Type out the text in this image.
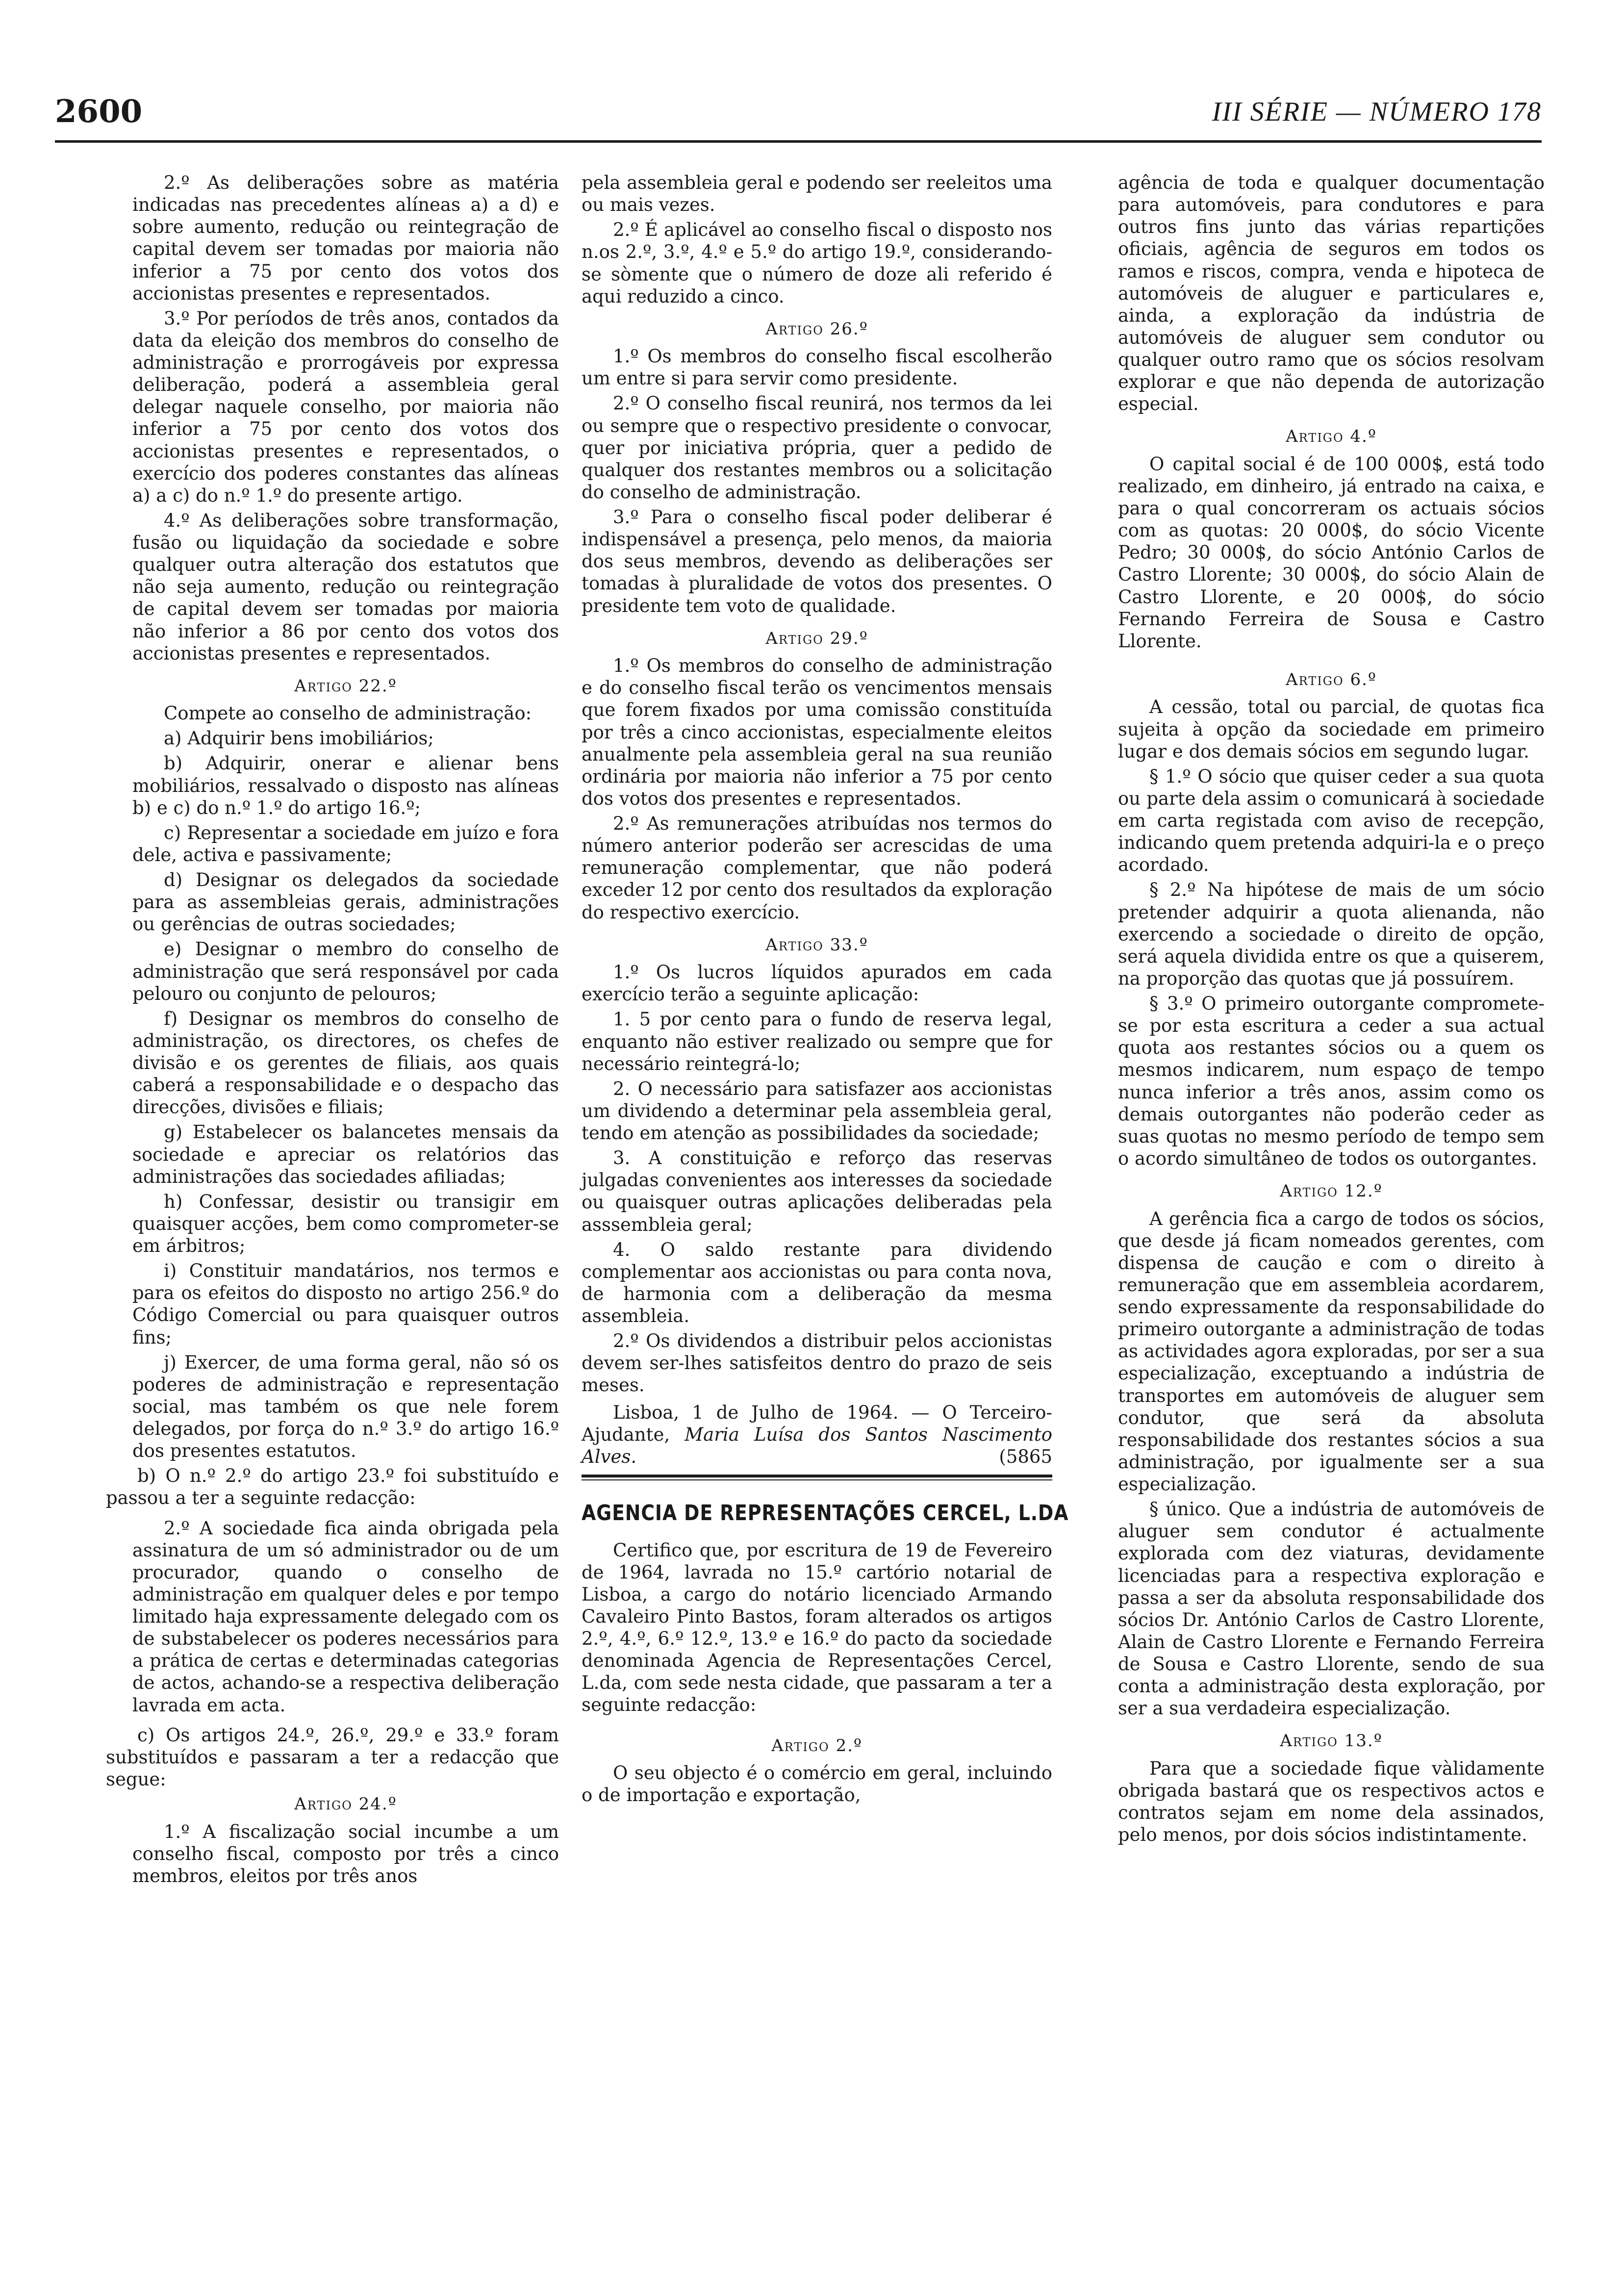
2600	III SÉRIE — NÚMERO 178

2.º As deliberações sobre as matéria indicadas nas precedentes alíneas a) a d) e sobre aumento, redução ou reintegração de capital devem ser tomadas por maioria não inferior a 75 por cento dos votos dos accionistas presentes e representados.

3.º Por períodos de três anos, contados da data da eleição dos membros do conselho de administração e prorrogáveis por expressa deliberação, poderá a assembleia geral delegar naquele conselho, por maioria não inferior a 75 por cento dos votos dos accionistas presentes e representados, o exercício dos poderes constantes das alíneas a) a c) do n.º 1.º do presente artigo.

4.º As deliberações sobre transformação, fusão ou liquidação da sociedade e sobre qualquer outra alteração dos estatutos que não seja aumento, redução ou reintegração de capital devem ser tomadas por maioria não inferior a 86 por cento dos votos dos accionistas presentes e representados.

Artigo 22.º

Compete ao conselho de administração:

a) Adquirir bens imobiliários;

b) Adquirir, onerar e alienar bens mobiliários, ressalvado o disposto nas alíneas b) e c) do n.º 1.º do artigo 16.º;

c) Representar a sociedade em juízo e fora dele, activa e passivamente;

d) Designar os delegados da sociedade para as assembleias gerais, administrações ou gerências de outras sociedades;

e) Designar o membro do conselho de administração que será responsável por cada pelouro ou conjunto de pelouros;

f) Designar os membros do conselho de administração, os directores, os chefes de divisão e os gerentes de filiais, aos quais caberá a responsabilidade e o despacho das direcções, divisões e filiais;

g) Estabelecer os balancetes mensais da sociedade e apreciar os relatórios das administrações das sociedades afiliadas;

h) Confessar, desistir ou transigir em quaisquer acções, bem como comprometer-se em árbitros;

i) Constituir mandatários, nos termos e para os efeitos do disposto no artigo 256.º do Código Comercial ou para quaisquer outros fins;

j) Exercer, de uma forma geral, não só os poderes de administração e representação social, mas também os que nele forem delegados, por força do n.º 3.º do artigo 16.º dos presentes estatutos.

b) O n.º 2.º do artigo 23.º foi substituído e passou a ter a seguinte redacção:

2.º A sociedade fica ainda obrigada pela assinatura de um só administrador ou de um procurador, quando o conselho de administração em qualquer deles e por tempo limitado haja expressamente delegado com os de substabelecer os poderes necessários para a prática de certas e determinadas categorias de actos, achando-se a respectiva deliberação lavrada em acta.

c) Os artigos 24.º, 26.º, 29.º e 33.º foram substituídos e passaram a ter a redacção que segue:

Artigo 24.º

1.º A fiscalização social incumbe a um conselho fiscal, composto por três a cinco membros, eleitos por três anos

pela assembleia geral e podendo ser reeleitos uma ou mais vezes.

2.º É aplicável ao conselho fiscal o disposto nos n.os 2.º, 3.º, 4.º e 5.º do artigo 19.º, considerando-se sòmente que o número de doze ali referido é aqui reduzido a cinco.

Artigo 26.º

1.º Os membros do conselho fiscal escolherão um entre si para servir como presidente.

2.º O conselho fiscal reunirá, nos termos da lei ou sempre que o respectivo presidente o convocar, quer por iniciativa própria, quer a pedido de qualquer dos restantes membros ou a solicitação do conselho de administração.

3.º Para o conselho fiscal poder deliberar é indispensável a presença, pelo menos, da maioria dos seus membros, devendo as deliberações ser tomadas à pluralidade de votos dos presentes. O presidente tem voto de qualidade.

Artigo 29.º

1.º Os membros do conselho de administração e do conselho fiscal terão os vencimentos mensais que forem fixados por uma comissão constituída por três a cinco accionistas, especialmente eleitos anualmente pela assembleia geral na sua reunião ordinária por maioria não inferior a 75 por cento dos votos dos presentes e representados.

2.º As remunerações atribuídas nos termos do número anterior poderão ser acrescidas de uma remuneração complementar, que não poderá exceder 12 por cento dos resultados da exploração do respectivo exercício.

Artigo 33.º

1.º Os lucros líquidos apurados em cada exercício terão a seguinte aplicação:

1. 5 por cento para o fundo de reserva legal, enquanto não estiver realizado ou sempre que for necessário reintegrá-lo;

2. O necessário para satisfazer aos accionistas um dividendo a determinar pela assembleia geral, tendo em atenção as possibilidades da sociedade;

3. A constituição e reforço das reservas julgadas convenientes aos interesses da sociedade ou quaisquer outras aplicações deliberadas pela asssembleia geral;

4. O saldo restante para dividendo complementar aos accionistas ou para conta nova, de harmonia com a deliberação da mesma assembleia.

2.º Os dividendos a distribuir pelos accionistas devem ser-lhes satisfeitos dentro do prazo de seis meses.

Lisboa, 1 de Julho de 1964. — O Terceiro-Ajudante, Maria Luísa dos Santos Nascimento Alves.	(5865

AGENCIA DE REPRESENTAÇÕES CERCEL, L.DA

Certifico que, por escritura de 19 de Fevereiro de 1964, lavrada no 15.º cartório notarial de Lisboa, a cargo do notário licenciado Armando Cavaleiro Pinto Bastos, foram alterados os artigos 2.º, 4.º, 6.º 12.º, 13.º e 16.º do pacto da sociedade denominada Agencia de Representações Cercel, L.da, com sede nesta cidade, que passaram a ter a seguinte redacção:

Artigo 2.º

O seu objecto é o comércio em geral, incluindo o de importação e exportação,

agência de toda e qualquer documentação para automóveis, para condutores e para outros fins junto das várias repartições oficiais, agência de seguros em todos os ramos e riscos, compra, venda e hipoteca de automóveis de aluguer e particulares e, ainda, a exploração da indústria de automóveis de aluguer sem condutor ou qualquer outro ramo que os sócios resolvam explorar e que não dependa de autorização especial.

Artigo 4.º

O capital social é de 100 000$, está todo realizado, em dinheiro, já entrado na caixa, e para o qual concorreram os actuais sócios com as quotas: 20 000$, do sócio Vicente Pedro; 30 000$, do sócio António Carlos de Castro Llorente; 30 000$, do sócio Alain de Castro Llorente, e 20 000$, do sócio Fernando Ferreira de Sousa e Castro Llorente.

Artigo 6.º

A cessão, total ou parcial, de quotas fica sujeita à opção da sociedade em primeiro lugar e dos demais sócios em segundo lugar.

§ 1.º O sócio que quiser ceder a sua quota ou parte dela assim o comunicará à sociedade em carta registada com aviso de recepção, indicando quem pretenda adquiri-la e o preço acordado.

§ 2.º Na hipótese de mais de um sócio pretender adquirir a quota alienanda, não exercendo a sociedade o direito de opção, será aquela dividida entre os que a quiserem, na proporção das quotas que já possuírem.

§ 3.º O primeiro outorgante compromete-se por esta escritura a ceder a sua actual quota aos restantes sócios ou a quem os mesmos indicarem, num espaço de tempo nunca inferior a três anos, assim como os demais outorgantes não poderão ceder as suas quotas no mesmo período de tempo sem o acordo simultâneo de todos os outorgantes.

Artigo 12.º

A gerência fica a cargo de todos os sócios, que desde já ficam nomeados gerentes, com dispensa de caução e com o direito à remuneração que em assembleia acordarem, sendo expressamente da responsabilidade do primeiro outorgante a administração de todas as actividades agora exploradas, por ser a sua especialização, exceptuando a indústria de transportes em automóveis de aluguer sem condutor, que será da absoluta responsabilidade dos restantes sócios a sua administração, por igualmente ser a sua especialização.

§ único. Que a indústria de automóveis de aluguer sem condutor é actualmente explorada com dez viaturas, devidamente licenciadas para a respectiva exploração e passa a ser da absoluta responsabilidade dos sócios Dr. António Carlos de Castro Llorente, Alain de Castro Llorente e Fernando Ferreira de Sousa e Castro Llorente, sendo de sua conta a administração desta exploração, por ser a sua verdadeira especialização.

Artigo 13.º

Para que a sociedade fique vàlidamente obrigada bastará que os respectivos actos e contratos sejam em nome dela assinados, pelo menos, por dois sócios indistintamente.
